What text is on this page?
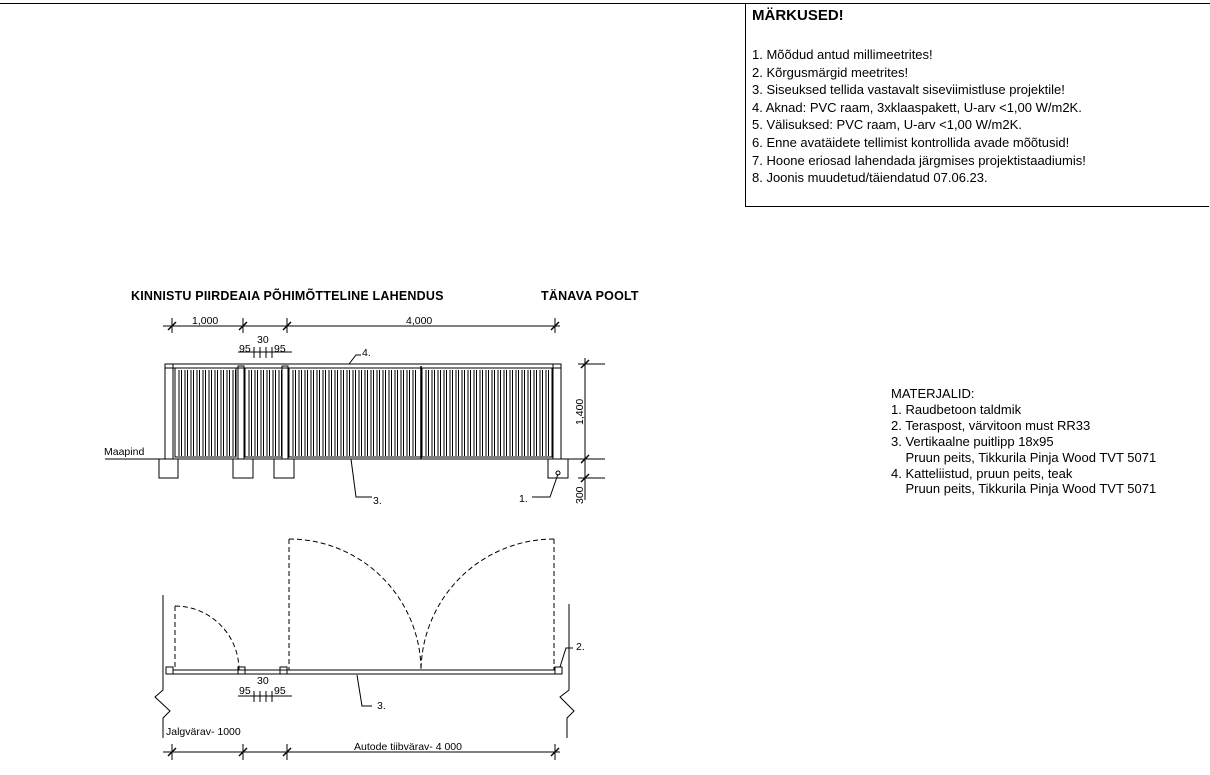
MÄRKUSED!
1. Mõõdud antud millimeetrites!
2. Kõrgusmärgid meetrites!
3. Siseuksed tellida vastavalt siseviimistluse projektile!
4. Aknad: PVC raam, 3xklaaspakett, U-arv <1,00 W/m2K.
5. Välisuksed: PVC raam, U-arv <1,00 W/m2K.
6. Enne avatäidete tellimist kontrollida avade mõõtusid!
7. Hoone eriosad lahendada järgmises projektistaadiumis!
8. Joonis muudetud/täiendatud 07.06.23.
KINNISTU PIIRDEAIA PÕHIMÕTTELINE LAHENDUS	TÄNAVA POOLT
1,000	4,000
30
95 95	4.
Maapind
3.	1.
1,400
300
30
95 95
2.
3.
Jalgvärav- 1000
Autode tiibvärav- 4 000
MATERJALID:
1. Raudbetoon taldmik
2. Teraspost, värvitoon must RR33
3. Vertikaalne puitlipp 18x95
Pruun peits, Tikkurila Pinja Wood TVT 5071
4. Katteliistud, pruun peits, teak
Pruun peits, Tikkurila Pinja Wood TVT 5071
